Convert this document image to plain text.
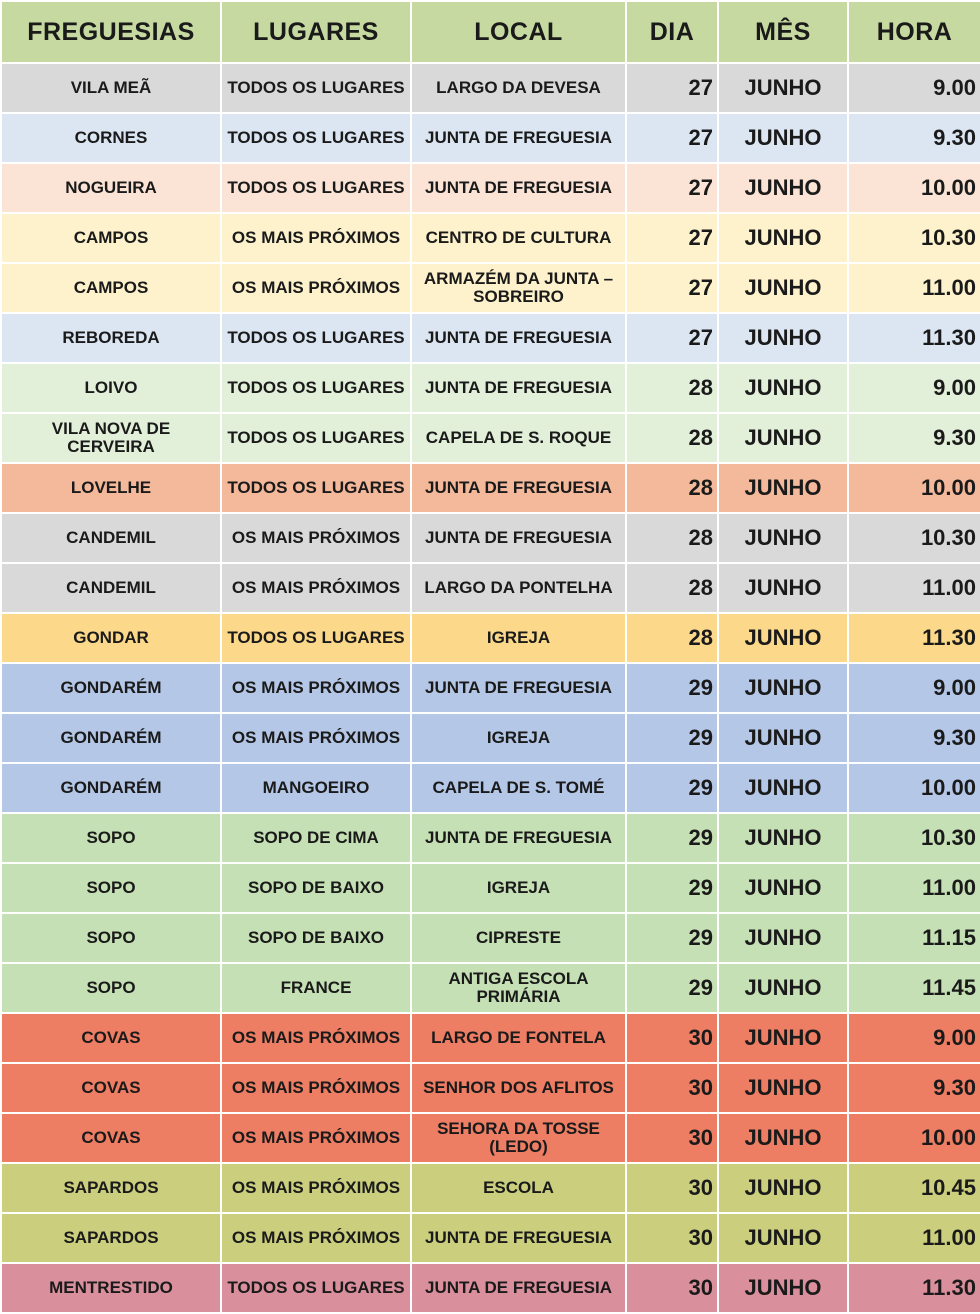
FREGUESIAS	LUGARES	LOCAL	DIA	MÊS	HORA
VILA MEÃ	TODOS OS LUGARES	LARGO DA DEVESA	27	JUNHO	9.00
CORNES	TODOS OS LUGARES	JUNTA DE FREGUESIA	27	JUNHO	9.30
NOGUEIRA	TODOS OS LUGARES	JUNTA DE FREGUESIA	27	JUNHO	10.00
CAMPOS	OS MAIS PRÓXIMOS	CENTRO DE CULTURA	27	JUNHO	10.30
CAMPOS	OS MAIS PRÓXIMOS	ARMAZÉM DA JUNTA – SOBREIRO	27	JUNHO	11.00
REBOREDA	TODOS OS LUGARES	JUNTA DE FREGUESIA	27	JUNHO	11.30
LOIVO	TODOS OS LUGARES	JUNTA DE FREGUESIA	28	JUNHO	9.00
VILA NOVA DE CERVEIRA	TODOS OS LUGARES	CAPELA DE S. ROQUE	28	JUNHO	9.30
LOVELHE	TODOS OS LUGARES	JUNTA DE FREGUESIA	28	JUNHO	10.00
CANDEMIL	OS MAIS PRÓXIMOS	JUNTA DE FREGUESIA	28	JUNHO	10.30
CANDEMIL	OS MAIS PRÓXIMOS	LARGO DA PONTELHA	28	JUNHO	11.00
GONDAR	TODOS OS LUGARES	IGREJA	28	JUNHO	11.30
GONDARÉM	OS MAIS PRÓXIMOS	JUNTA DE FREGUESIA	29	JUNHO	9.00
GONDARÉM	OS MAIS PRÓXIMOS	IGREJA	29	JUNHO	9.30
GONDARÉM	MANGOEIRO	CAPELA DE S. TOMÉ	29	JUNHO	10.00
SOPO	SOPO DE CIMA	JUNTA DE FREGUESIA	29	JUNHO	10.30
SOPO	SOPO DE BAIXO	IGREJA	29	JUNHO	11.00
SOPO	SOPO DE BAIXO	CIPRESTE	29	JUNHO	11.15
SOPO	FRANCE	ANTIGA ESCOLA PRIMÁRIA	29	JUNHO	11.45
COVAS	OS MAIS PRÓXIMOS	LARGO DE FONTELA	30	JUNHO	9.00
COVAS	OS MAIS PRÓXIMOS	SENHOR DOS AFLITOS	30	JUNHO	9.30
COVAS	OS MAIS PRÓXIMOS	SEHORA DA TOSSE (LEDO)	30	JUNHO	10.00
SAPARDOS	OS MAIS PRÓXIMOS	ESCOLA	30	JUNHO	10.45
SAPARDOS	OS MAIS PRÓXIMOS	JUNTA DE FREGUESIA	30	JUNHO	11.00
MENTRESTIDO	TODOS OS LUGARES	JUNTA DE FREGUESIA	30	JUNHO	11.30
